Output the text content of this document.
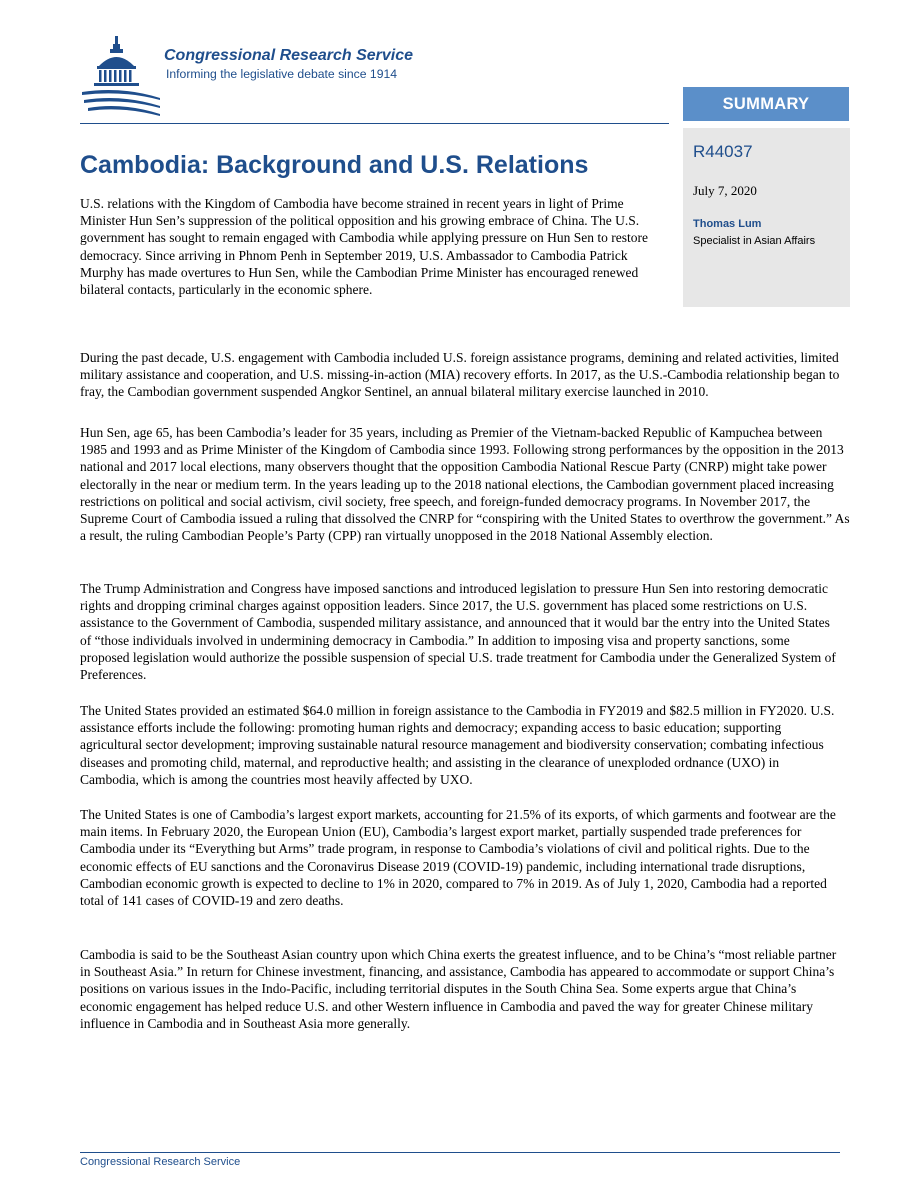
Congressional Research Service
Informing the legislative debate since 1914
SUMMARY
R44037
July 7, 2020
Thomas Lum
Specialist in Asian Affairs
Cambodia: Background and U.S. Relations

U.S. relations with the Kingdom of Cambodia have become strained in recent years in light of Prime Minister Hun Sen’s suppression of the political opposition and his growing embrace of China. The U.S. government has sought to remain engaged with Cambodia while applying pressure on Hun Sen to restore democracy. Since arriving in Phnom Penh in September 2019, U.S. Ambassador to Cambodia Patrick Murphy has made overtures to Hun Sen, while the Cambodian Prime Minister has encouraged renewed bilateral contacts, particularly in the economic sphere.

During the past decade, U.S. engagement with Cambodia included U.S. foreign assistance programs, demining and related activities, limited military assistance and cooperation, and U.S. missing-in-action (MIA) recovery efforts. In 2017, as the U.S.-Cambodia relationship began to fray, the Cambodian government suspended Angkor Sentinel, an annual bilateral military exercise launched in 2010.

Hun Sen, age 65, has been Cambodia’s leader for 35 years, including as Premier of the Vietnam-backed Republic of Kampuchea between 1985 and 1993 and as Prime Minister of the Kingdom of Cambodia since 1993. Following strong performances by the opposition in the 2013 national and 2017 local elections, many observers thought that the opposition Cambodia National Rescue Party (CNRP) might take power electorally in the near or medium term. In the years leading up to the 2018 national elections, the Cambodian government placed increasing restrictions on political and social activism, civil society, free speech, and foreign-funded democracy programs. In November 2017, the Supreme Court of Cambodia issued a ruling that dissolved the CNRP for “conspiring with the United States to overthrow the government.” As a result, the ruling Cambodian People’s Party (CPP) ran virtually unopposed in the 2018 National Assembly election.

The Trump Administration and Congress have imposed sanctions and introduced legislation to pressure Hun Sen into restoring democratic rights and dropping criminal charges against opposition leaders. Since 2017, the U.S. government has placed some restrictions on U.S. assistance to the Government of Cambodia, suspended military assistance, and announced that it would bar the entry into the United States of “those individuals involved in undermining democracy in Cambodia.” In addition to imposing visa and property sanctions, some proposed legislation would authorize the possible suspension of special U.S. trade treatment for Cambodia under the Generalized System of Preferences.

The United States provided an estimated $64.0 million in foreign assistance to the Cambodia in FY2019 and $82.5 million in FY2020. U.S. assistance efforts include the following: promoting human rights and democracy; expanding access to basic education; supporting agricultural sector development; improving sustainable natural resource management and biodiversity conservation; combating infectious diseases and promoting child, maternal, and reproductive health; and assisting in the clearance of unexploded ordnance (UXO) in Cambodia, which is among the countries most heavily affected by UXO.

The United States is one of Cambodia’s largest export markets, accounting for 21.5% of its exports, of which garments and footwear are the main items. In February 2020, the European Union (EU), Cambodia’s largest export market, partially suspended trade preferences for Cambodia under its “Everything but Arms” trade program, in response to Cambodia’s violations of civil and political rights. Due to the economic effects of EU sanctions and the Coronavirus Disease 2019 (COVID-19) pandemic, including international trade disruptions, Cambodian economic growth is expected to decline to 1% in 2020, compared to 7% in 2019. As of July 1, 2020, Cambodia had a reported total of 141 cases of COVID-19 and zero deaths.

Cambodia is said to be the Southeast Asian country upon which China exerts the greatest influence, and to be China’s “most reliable partner in Southeast Asia.” In return for Chinese investment, financing, and assistance, Cambodia has appeared to accommodate or support China’s positions on various issues in the Indo-Pacific, including territorial disputes in the South China Sea. Some experts argue that China’s economic engagement has helped reduce U.S. and other Western influence in Cambodia and paved the way for greater Chinese military influence in Cambodia and in Southeast Asia more generally.

Congressional Research Service
